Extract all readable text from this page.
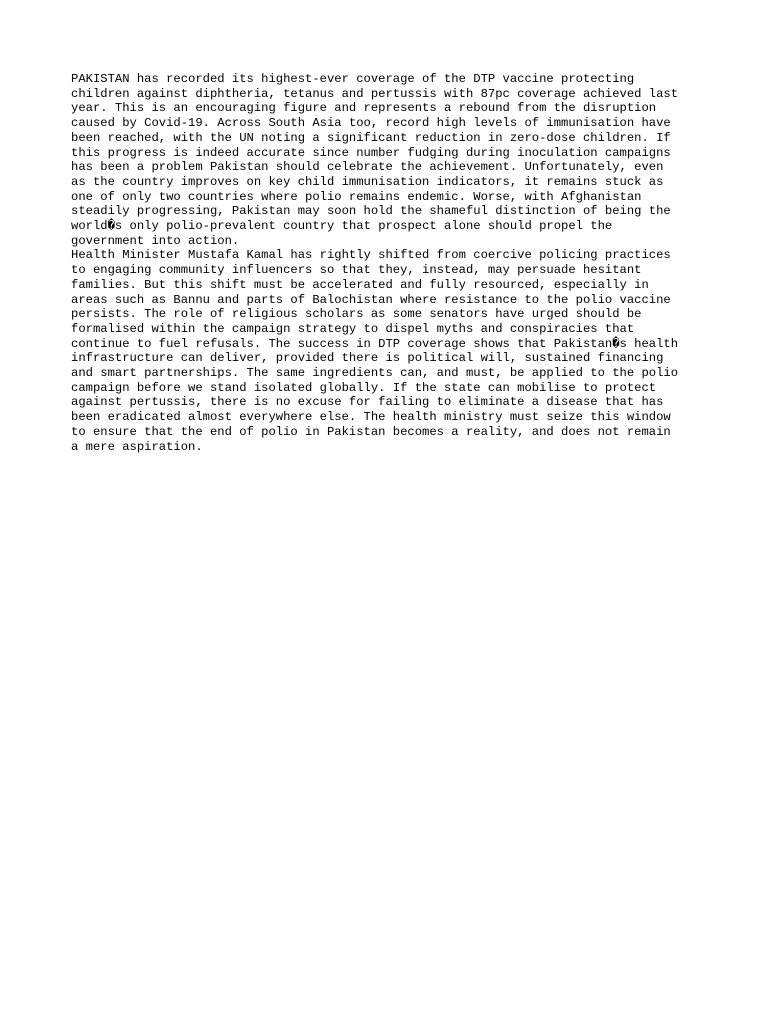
PAKISTAN has recorded its highest-ever coverage of the DTP vaccine protecting
children against diphtheria, tetanus and pertussis with 87pc coverage achieved last
year. This is an encouraging figure and represents a rebound from the disruption
caused by Covid-19. Across South Asia too, record high levels of immunisation have
been reached, with the UN noting a significant reduction in zero-dose children. If
this progress is indeed accurate since number fudging during inoculation campaigns
has been a problem Pakistan should celebrate the achievement. Unfortunately, even
as the country improves on key child immunisation indicators, it remains stuck as
one of only two countries where polio remains endemic. Worse, with Afghanistan
steadily progressing, Pakistan may soon hold the shameful distinction of being the
world�s only polio-prevalent country that prospect alone should propel the
government into action.

Health Minister Mustafa Kamal has rightly shifted from coercive policing practices
to engaging community influencers so that they, instead, may persuade hesitant
families. But this shift must be accelerated and fully resourced, especially in
areas such as Bannu and parts of Balochistan where resistance to the polio vaccine
persists. The role of religious scholars as some senators have urged should be
formalised within the campaign strategy to dispel myths and conspiracies that
continue to fuel refusals. The success in DTP coverage shows that Pakistan�s health
infrastructure can deliver, provided there is political will, sustained financing
and smart partnerships. The same ingredients can, and must, be applied to the polio
campaign before we stand isolated globally. If the state can mobilise to protect
against pertussis, there is no excuse for failing to eliminate a disease that has
been eradicated almost everywhere else. The health ministry must seize this window
to ensure that the end of polio in Pakistan becomes a reality, and does not remain
a mere aspiration.
